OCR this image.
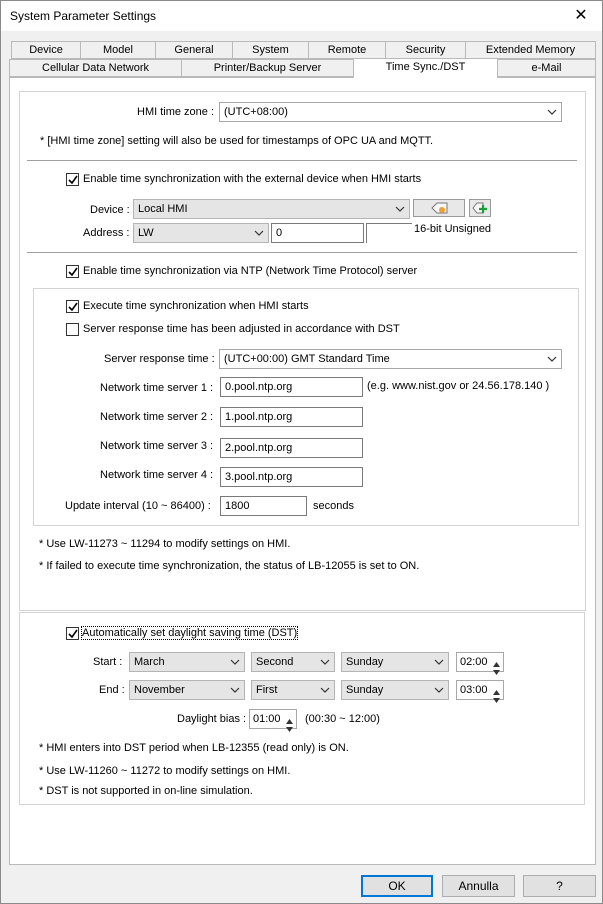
System Parameter Settings	✕
Device	Model	General	System	Remote	Security	Extended Memory
Cellular Data Network	Printer/Backup Server	Time Sync./DST	e-Mail
HMI time zone : (UTC+08:00)
* [HMI time zone] setting will also be used for timestamps of OPC UA and MQTT.
Enable time synchronization with the external device when HMI starts
Device : Local HMI
Address : LW	0	16-bit Unsigned
Enable time synchronization via NTP (Network Time Protocol) server
Execute time synchronization when HMI starts
Server response time has been adjusted in accordance with DST
Server response time : (UTC+00:00) GMT Standard Time
Network time server 1 :	0.pool.ntp.org	(e.g. www.nist.gov or 24.56.178.140 )
Network time server 2 :	1.pool.ntp.org
Network time server 3 :	2.pool.ntp.org
Network time server 4 :	3.pool.ntp.org
Update interval (10 ~ 86400) :	1800	seconds
* Use LW-11273 ~ 11294 to modify settings on HMI.
* If failed to execute time synchronization, the status of LB-12055 is set to ON.
Automatically set daylight saving time (DST)
Start :	March	Second	Sunday	02:00
End : November	First	Sunday	03:00
Daylight bias : 01:00	(00:30 ~ 12:00)
* HMI enters into DST period when LB-12355 (read only) is ON.
* Use LW-11260 ~ 11272 to modify settings on HMI.
* DST is not supported in on-line simulation.
OK	Annulla	?
